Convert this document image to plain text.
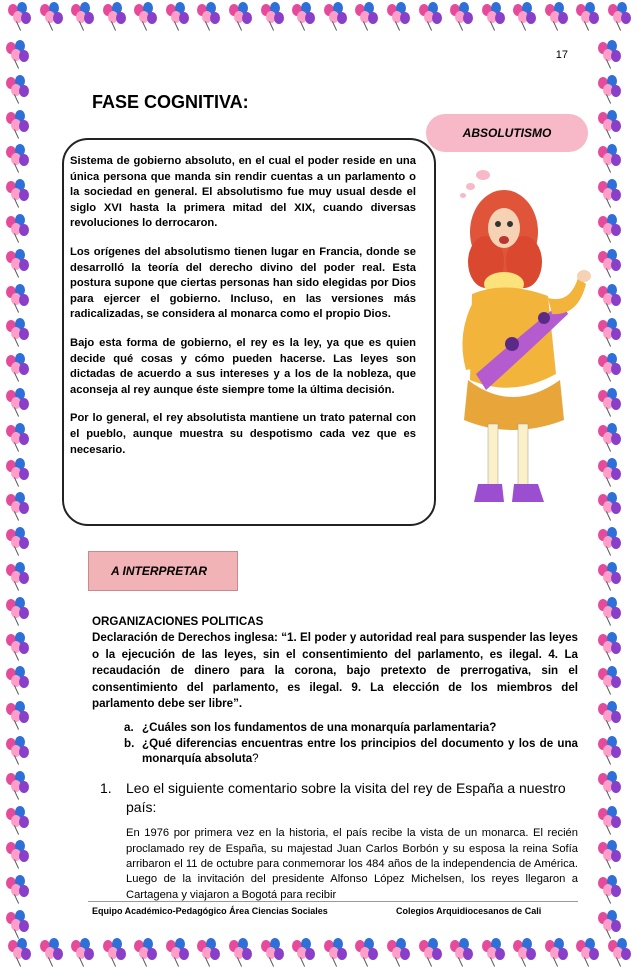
17
FASE COGNITIVA:
ABSOLUTISMO

Sistema de gobierno absoluto, en el cual el poder reside en una única persona que manda sin rendir cuentas a un parlamento o la sociedad en general. El absolutismo fue muy usual desde el siglo XVI hasta la primera mitad del XIX, cuando diversas revoluciones lo derrocaron.

Los orígenes del absolutismo tienen lugar en Francia, donde se desarrolló la teoría del derecho divino del poder real. Esta postura supone que ciertas personas han sido elegidas por Dios para ejercer el gobierno. Incluso, en las versiones más radicalizadas, se considera al monarca como el propio Dios.

Bajo esta forma de gobierno, el rey es la ley, ya que es quien decide qué cosas y cómo pueden hacerse. Las leyes son dictadas de acuerdo a sus intereses y a los de la nobleza, que aconseja al rey aunque éste siempre tome la última decisión.

Por lo general, el rey absolutista mantiene un trato paternal con el pueblo, aunque muestra su despotismo cada vez que es necesario.

A INTERPRETAR
ORGANIZACIONES POLITICAS
Declaración de Derechos inglesa: “1. El poder y autoridad real para suspender las leyes o la ejecución de las leyes, sin el consentimiento del parlamento, es ilegal. 4. La recaudación de dinero para la corona, bajo pretexto de prerrogativa, sin el consentimiento del parlamento, es ilegal. 9. La elección de los miembros del parlamento debe ser libre”.
a. ¿Cuáles son los fundamentos de una monarquía parlamentaria?
b. ¿Qué diferencias encuentras entre los principios del documento y los de una monarquía absoluta?
1.	Leo el siguiente comentario sobre la visita del rey de España a nuestro país:
En 1976 por primera vez en la historia, el país recibe la vista de un monarca. El recién proclamado rey de España, su majestad Juan Carlos Borbón y su esposa la reina Sofía arribaron el 11 de octubre para conmemorar los 484 años de la independencia de América. Luego de la invitación del presidente Alfonso López Michelsen, los reyes llegaron a Cartagena y viajaron a Bogotá para recibir
Equipo Académico-Pedagógico Área Ciencias Sociales	Colegios Arquidiocesanos de Cali
